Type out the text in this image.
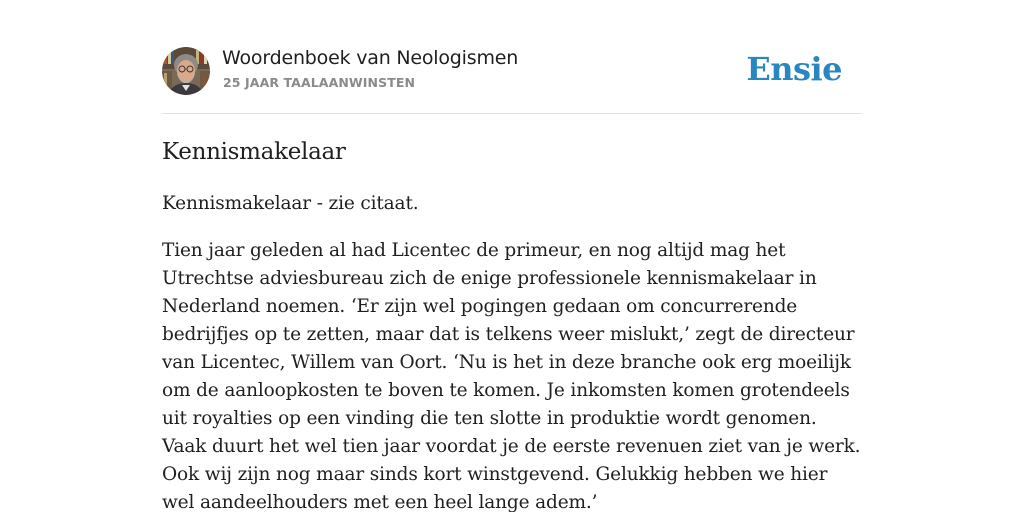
Woordenboek van Neologismen
25 JAAR TAALAANWINSTEN	Ensie
Kennismakelaar

Kennismakelaar - zie citaat.

Tien jaar geleden al had Licentec de primeur, en nog altijd mag het Utrechtse adviesbureau zich de enige professionele kennismakelaar in Nederland noemen. ‘Er zijn wel pogingen gedaan om concurrerende bedrijfjes op te zetten, maar dat is telkens weer mislukt,’ zegt de directeur van Licentec, Willem van Oort. ‘Nu is het in deze branche ook erg moeilijk om de aanloopkosten te boven te komen. Je inkomsten komen grotendeels uit royalties op een vinding die ten slotte in produktie wordt genomen. Vaak duurt het wel tien jaar voordat je de eerste revenuen ziet van je werk. Ook wij zijn nog maar sinds kort winstgevend. Gelukkig hebben we hier wel aandeelhouders met een heel lange adem.’
